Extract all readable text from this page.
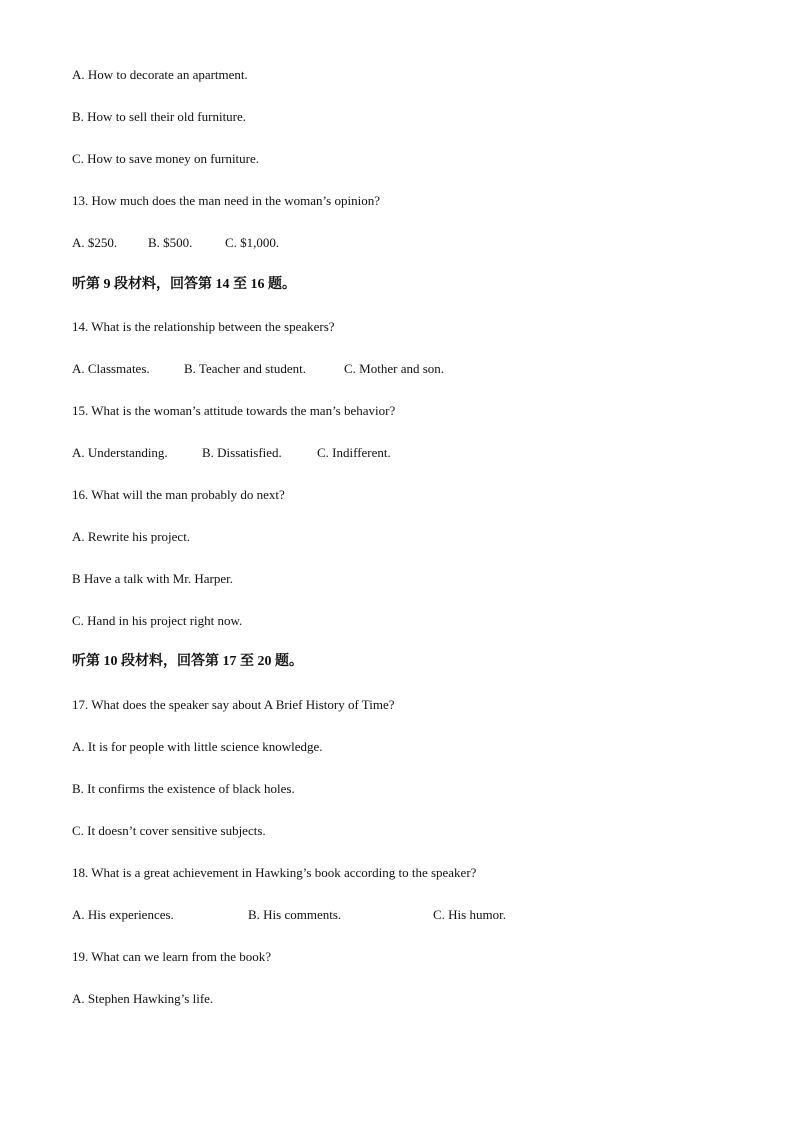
A. How to decorate an apartment.
B. How to sell their old furniture.
C. How to save money on furniture.
13. How much does the man need in the woman’s opinion?
A. $250. B. $500.	C. $1,000.
听第 9 段材料，回答第 14 至 16 题。
14. What is the relationship between the speakers?
A. Classmates.	B. Teacher and student.	C. Mother and son.
15. What is the woman’s attitude towards the man’s behavior?
A. Understanding.	B. Dissatisfied.	C. Indifferent.
16. What will the man probably do next?
A. Rewrite his project.
B Have a talk with Mr. Harper.
C. Hand in his project right now.
听第 10 段材料，回答第 17 至 20 题。
17. What does the speaker say about A Brief History of Time?
A. It is for people with little science knowledge.
B. It confirms the existence of black holes.
C. It doesn’t cover sensitive subjects.
18. What is a great achievement in Hawking’s book according to the speaker?
A. His experiences.	B. His comments.	C. His humor.
19. What can we learn from the book?
A. Stephen Hawking’s life.
